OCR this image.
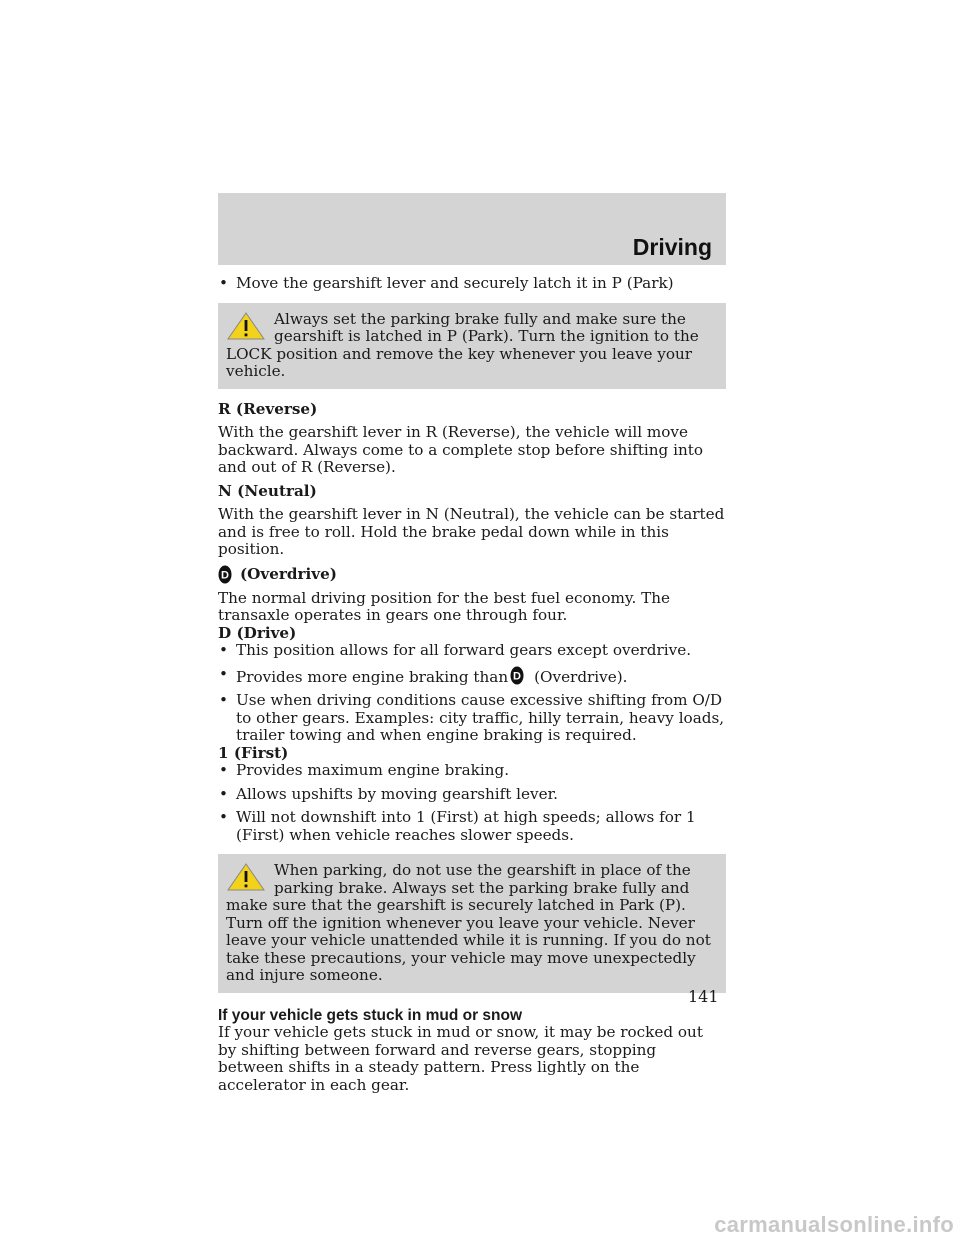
Driving

• Move the gearshift lever and securely latch it in P (Park)

Always set the parking brake fully and make sure the gearshift is latched in P (Park). Turn the ignition to the LOCK position and remove the key whenever you leave your vehicle.

R (Reverse)

With the gearshift lever in R (Reverse), the vehicle will move backward. Always come to a complete stop before shifting into and out of R (Reverse).

N (Neutral)

With the gearshift lever in N (Neutral), the vehicle can be started and is free to roll. Hold the brake pedal down while in this position.

D (Overdrive)

The normal driving position for the best fuel economy. The transaxle operates in gears one through four.

D (Drive)

• This position allows for all forward gears except overdrive.

• Provides more engine braking than D (Overdrive).

• Use when driving conditions cause excessive shifting from O/D to other gears. Examples: city traffic, hilly terrain, heavy loads, trailer towing and when engine braking is required.

1 (First)

• Provides maximum engine braking.

• Allows upshifts by moving gearshift lever.

• Will not downshift into 1 (First) at high speeds; allows for 1 (First) when vehicle reaches slower speeds.

When parking, do not use the gearshift in place of the parking brake. Always set the parking brake fully and make sure that the gearshift is securely latched in Park (P). Turn off the ignition whenever you leave your vehicle. Never leave your vehicle unattended while it is running. If you do not take these precautions, your vehicle may move unexpectedly and injure someone.

If your vehicle gets stuck in mud or snow

If your vehicle gets stuck in mud or snow, it may be rocked out by shifting between forward and reverse gears, stopping between shifts in a steady pattern. Press lightly on the accelerator in each gear.

141
carmanualsonline.info
